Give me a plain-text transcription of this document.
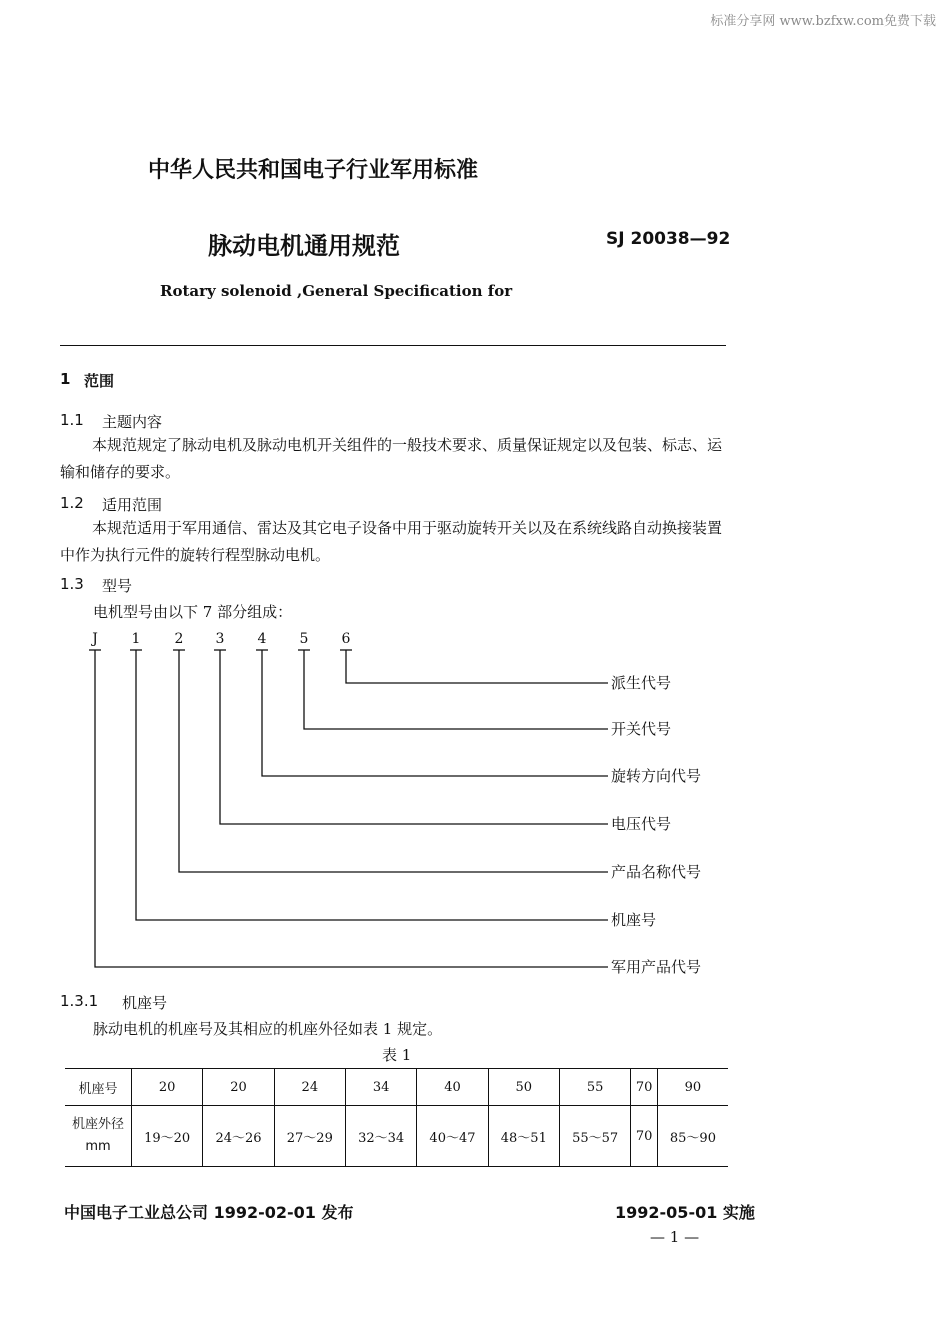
标准分享网 www.bzfxw.com免费下载
中华人民共和国电子行业军用标准
脉动电机通用规范	SJ 20038—92
Rotary solenoid ,General Specification for
1 范围
1.1 主题内容
本规范规定了脉动电机及脉动电机开关组件的一般技术要求、质量保证规定以及包装、标志、运输和储存的要求。
1.2 适用范围
本规范适用于军用通信、雷达及其它电子设备中用于驱动旋转开关以及在系统线路自动换接装置中作为执行元件的旋转行程型脉动电机。
1.3 型号
电机型号由以下 7 部分组成：
J 1 2 3 4 5 6
派生代号
开关代号
旋转方向代号
电压代号
产品名称代号
机座号
军用产品代号
1.3.1 机座号
脉动电机的机座号及其相应的机座外径如表 1 规定。
表 1
机座号	20	20	24	34	40	50	55	70	90

机座外径
mm	19～20	24～26	27～29	32～34	40～47	48～51	55～57	70	85～90
中国电子工业总公司 1992-02-01 发布	1992-05-01 实施
— 1 —
